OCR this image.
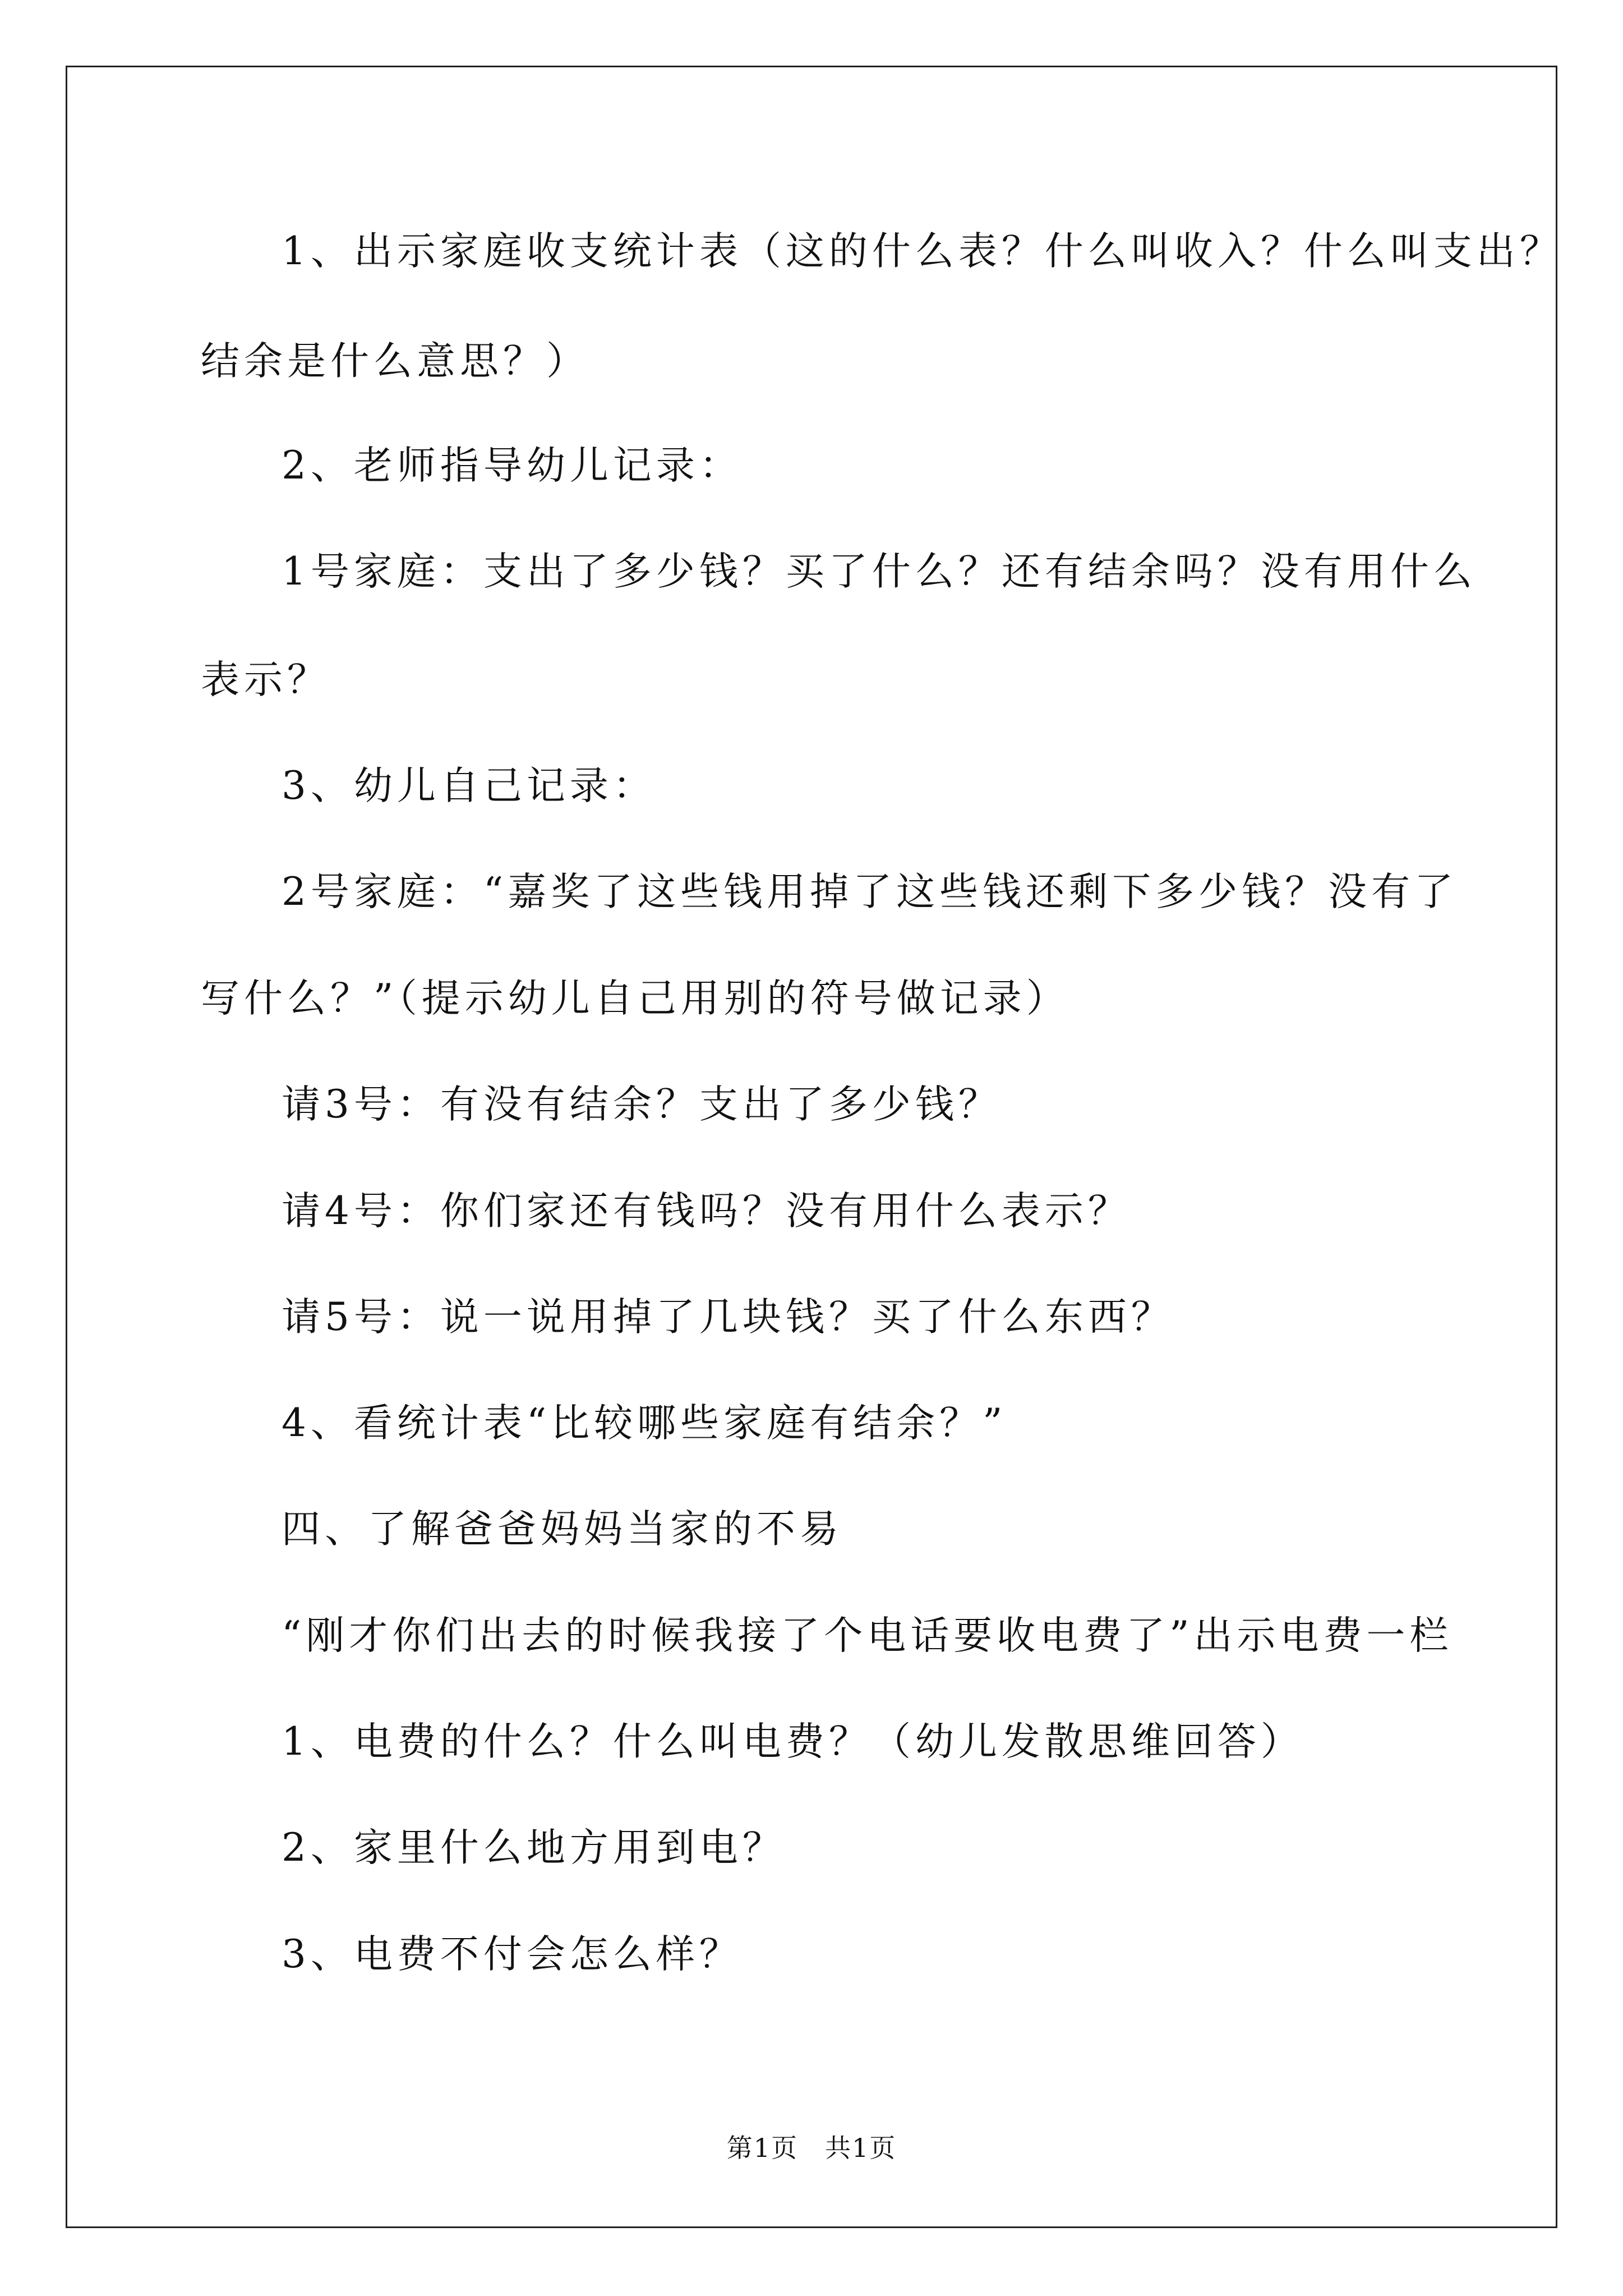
1、出示家庭收支统计表（这的什么表？什么叫收入？什么叫支出？
结余是什么意思？）
2、老师指导幼儿记录：
1号家庭：支出了多少钱？买了什么？还有结余吗？没有用什么
表示？
3、幼儿自己记录：
2号家庭：“嘉奖了这些钱用掉了这些钱还剩下多少钱？没有了
写什么？”（提示幼儿自己用别的符号做记录）
请3号：有没有结余？支出了多少钱？
请4号：你们家还有钱吗？没有用什么表示？
请5号：说一说用掉了几块钱？买了什么东西？
4、看统计表“比较哪些家庭有结余？”
四、了解爸爸妈妈当家的不易
“刚才你们出去的时候我接了个电话要收电费了”出示电费一栏
1、电费的什么？什么叫电费？（幼儿发散思维回答）
2、家里什么地方用到电？
3、电费不付会怎么样？
第1页　共1页
